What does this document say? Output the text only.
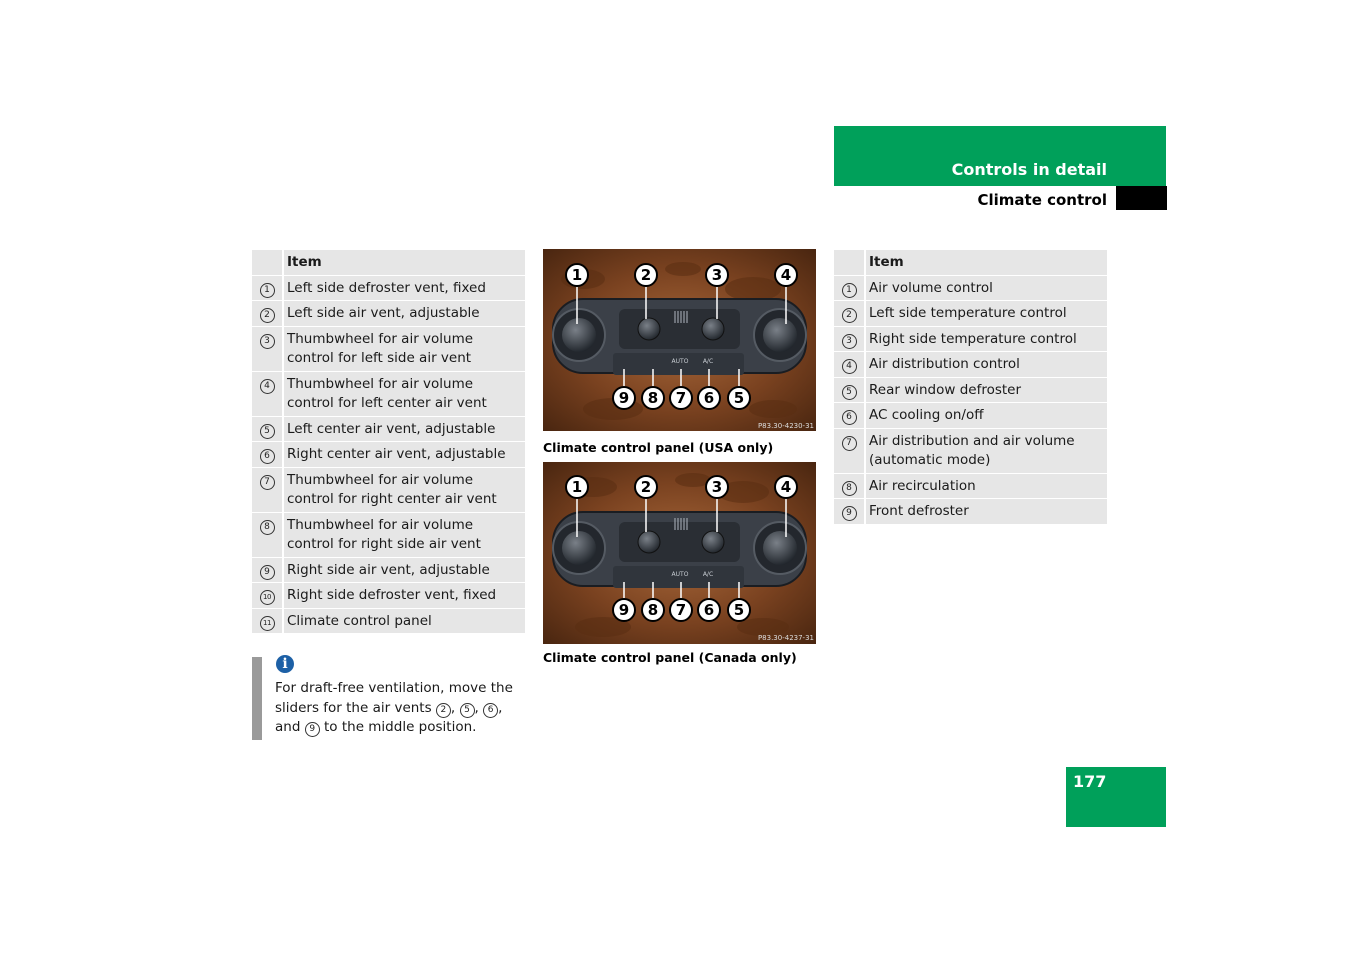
Controls in detail
Climate control
	Item
1	Left side defroster vent, fixed
2	Left side air vent, adjustable
3	Thumbwheel for air volume control for left side air vent
4	Thumbwheel for air volume control for left center air vent
5	Left center air vent, adjustable
6	Right center air vent, adjustable
7	Thumbwheel for air volume control for right center air vent
8	Thumbwheel for air volume control for right side air vent
9	Right side air vent, adjustable
10	Right side defroster vent, fixed
11	Climate control panel
AUTO A/C
1	2	3	4
9 8 7 6 5
P83.30-4230-31
Climate control panel (USA only)
AUTO A/C
1	2	3	4
9 8 7 6 5
P83.30-4237-31
Climate control panel (Canada only)
	Item
1	Air volume control
2	Left side temperature control
3	Right side temperature control
4	Air distribution control
5	Rear window defroster
6	AC cooling on/off
7	Air distribution and air volume (automatic mode)
8	Air recirculation
9	Front defroster
i
For draft-free ventilation, move the sliders for the air vents 2 , 5 , 6 , and 9 to the middle position.
177
